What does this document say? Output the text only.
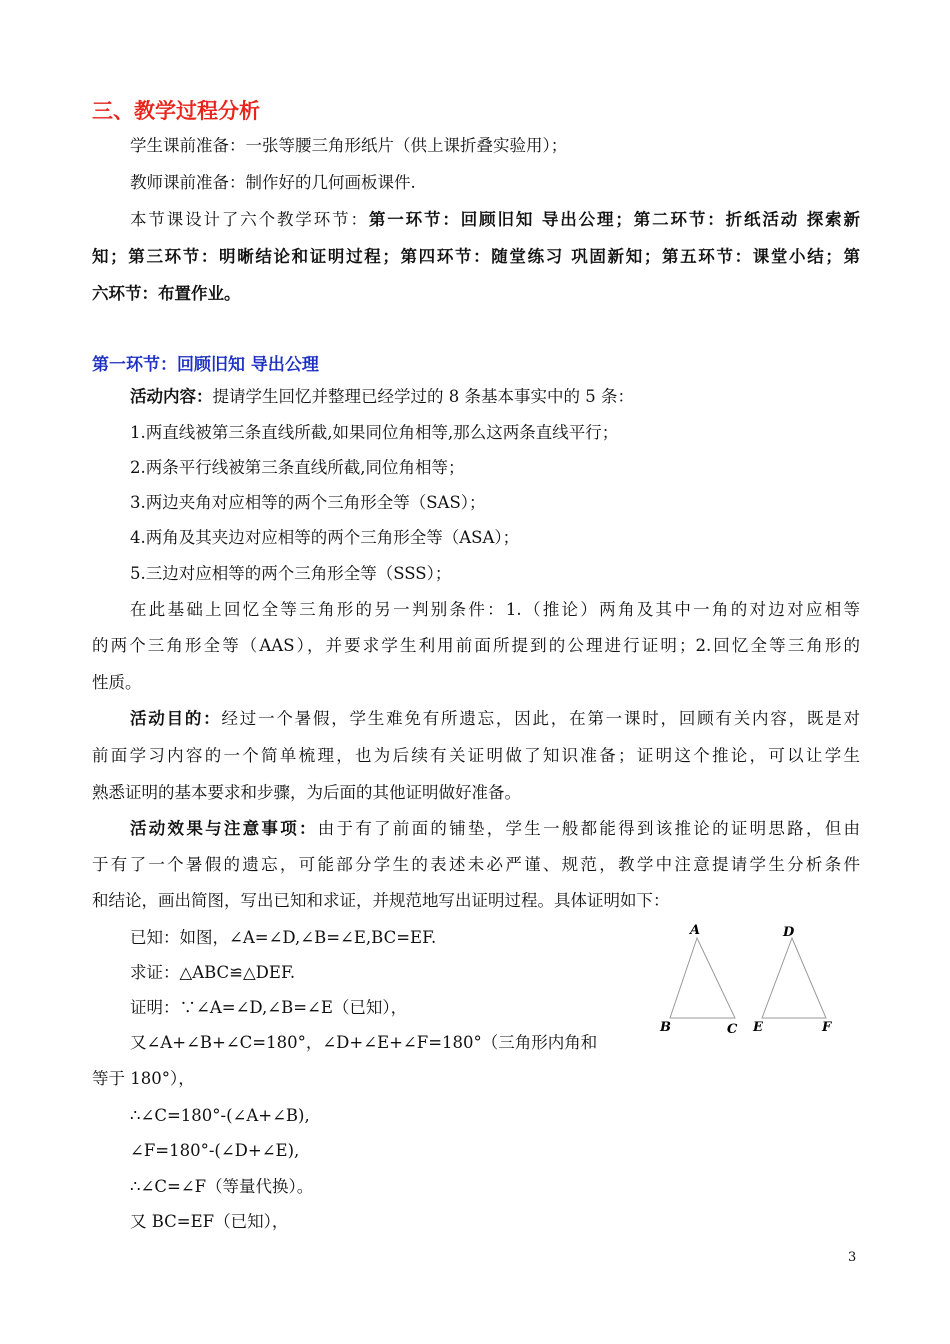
三、教学过程分析
学生课前准备：一张等腰三角形纸片（供上课折叠实验用）；
教师课前准备：制作好的几何画板课件.
本节课设计了六个教学环节：第一环节：回顾旧知 导出公理；第二环节：折纸活动 探索新
知；第三环节：明晰结论和证明过程；第四环节：随堂练习 巩固新知；第五环节：课堂小结；第
六环节：布置作业。
第一环节：回顾旧知 导出公理
活动内容：提请学生回忆并整理已经学过的 8 条基本事实中的 5 条：
1.两直线被第三条直线所截,如果同位角相等,那么这两条直线平行；
2.两条平行线被第三条直线所截,同位角相等；
3.两边夹角对应相等的两个三角形全等（SAS）；
4.两角及其夹边对应相等的两个三角形全等（ASA）；
5.三边对应相等的两个三角形全等（SSS）；
在此基础上回忆全等三角形的另一判别条件：1.（推论）两角及其中一角的对边对应相等
的两个三角形全等（AAS），并要求学生利用前面所提到的公理进行证明；2.回忆全等三角形的
性质。
活动目的：经过一个暑假，学生难免有所遗忘，因此，在第一课时，回顾有关内容，既是对
前面学习内容的一个简单梳理，也为后续有关证明做了知识准备；证明这个推论，可以让学生
熟悉证明的基本要求和步骤，为后面的其他证明做好准备。
活动效果与注意事项：由于有了前面的铺垫，学生一般都能得到该推论的证明思路，但由
于有了一个暑假的遗忘，可能部分学生的表述未必严谨、规范，教学中注意提请学生分析条件
和结论，画出简图，写出已知和求证，并规范地写出证明过程。具体证明如下：
已知：如图，∠A=∠D,∠B=∠E,BC=EF.
求证：△ABC≌△DEF.
证明：∵∠A=∠D,∠B=∠E（已知），
又∠A+∠B+∠C=180°，∠D+∠E+∠F=180°（三角形内角和
等于 180°），
∴∠C=180°-(∠A+∠B),
∠F=180°-(∠D+∠E),
∴∠C=∠F（等量代换）。
又 BC=EF（已知），
A
B	C
D
E	F
3
